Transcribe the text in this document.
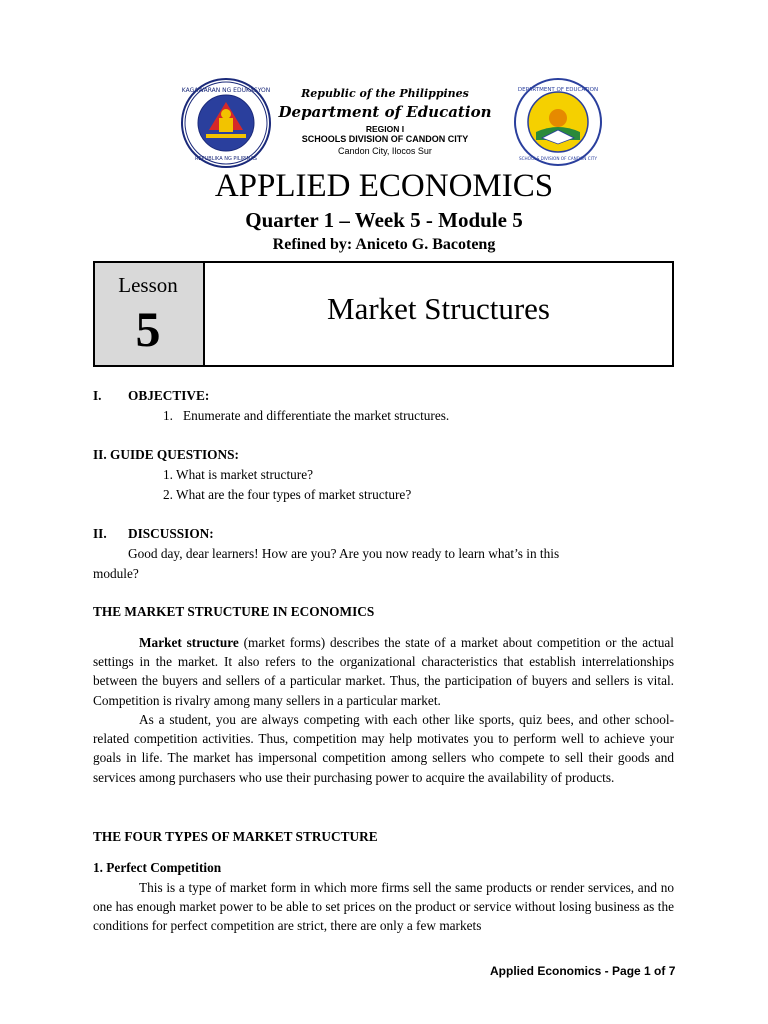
KAGAWARAN NG EDUKASYON
REPUBLIKA NG PILIPINAS
DEPARTMENT OF EDUCATION
SCHOOLS DIVISION OF CANDON CITY
Republic of the Philippines
Department of Education
REGION I
SCHOOLS DIVISION OF CANDON CITY
Candon City, Ilocos Sur
APPLIED ECONOMICS
Quarter 1 – Week 5 - Module 5
Refined by: Aniceto G. Bacoteng
Lesson
5	Market Structures
I. OBJECTIVE:
1.   Enumerate and differentiate the market structures.
II. GUIDE QUESTIONS:
1. What is market structure?
2. What are the four types of market structure?
II. DISCUSSION:
Good day, dear learners! How are you? Are you now ready to learn what’s in this
module?
THE MARKET STRUCTURE IN ECONOMICS
Market structure (market forms) describes the state of a market about competition or the actual settings in the market. It also refers to the organizational characteristics that establish interrelationships between the buyers and sellers of a particular market. Thus, the participation of buyers and sellers is vital. Competition is rivalry among many sellers in a particular market.
As a student, you are always competing with each other like sports, quiz bees, and other school-related competition activities. Thus, competition may help motivates you to perform well to achieve your goals in life. The market has impersonal competition among sellers who compete to sell their goods and services among purchasers who use their purchasing power to acquire the availability of products.
THE FOUR TYPES OF MARKET STRUCTURE
1. Perfect Competition
This is a type of market form in which more firms sell the same products or render services, and no one has enough market power to be able to set prices on the product or service without losing business as the conditions for perfect competition are strict, there are only a few markets
Applied Economics - Page 1 of 7
